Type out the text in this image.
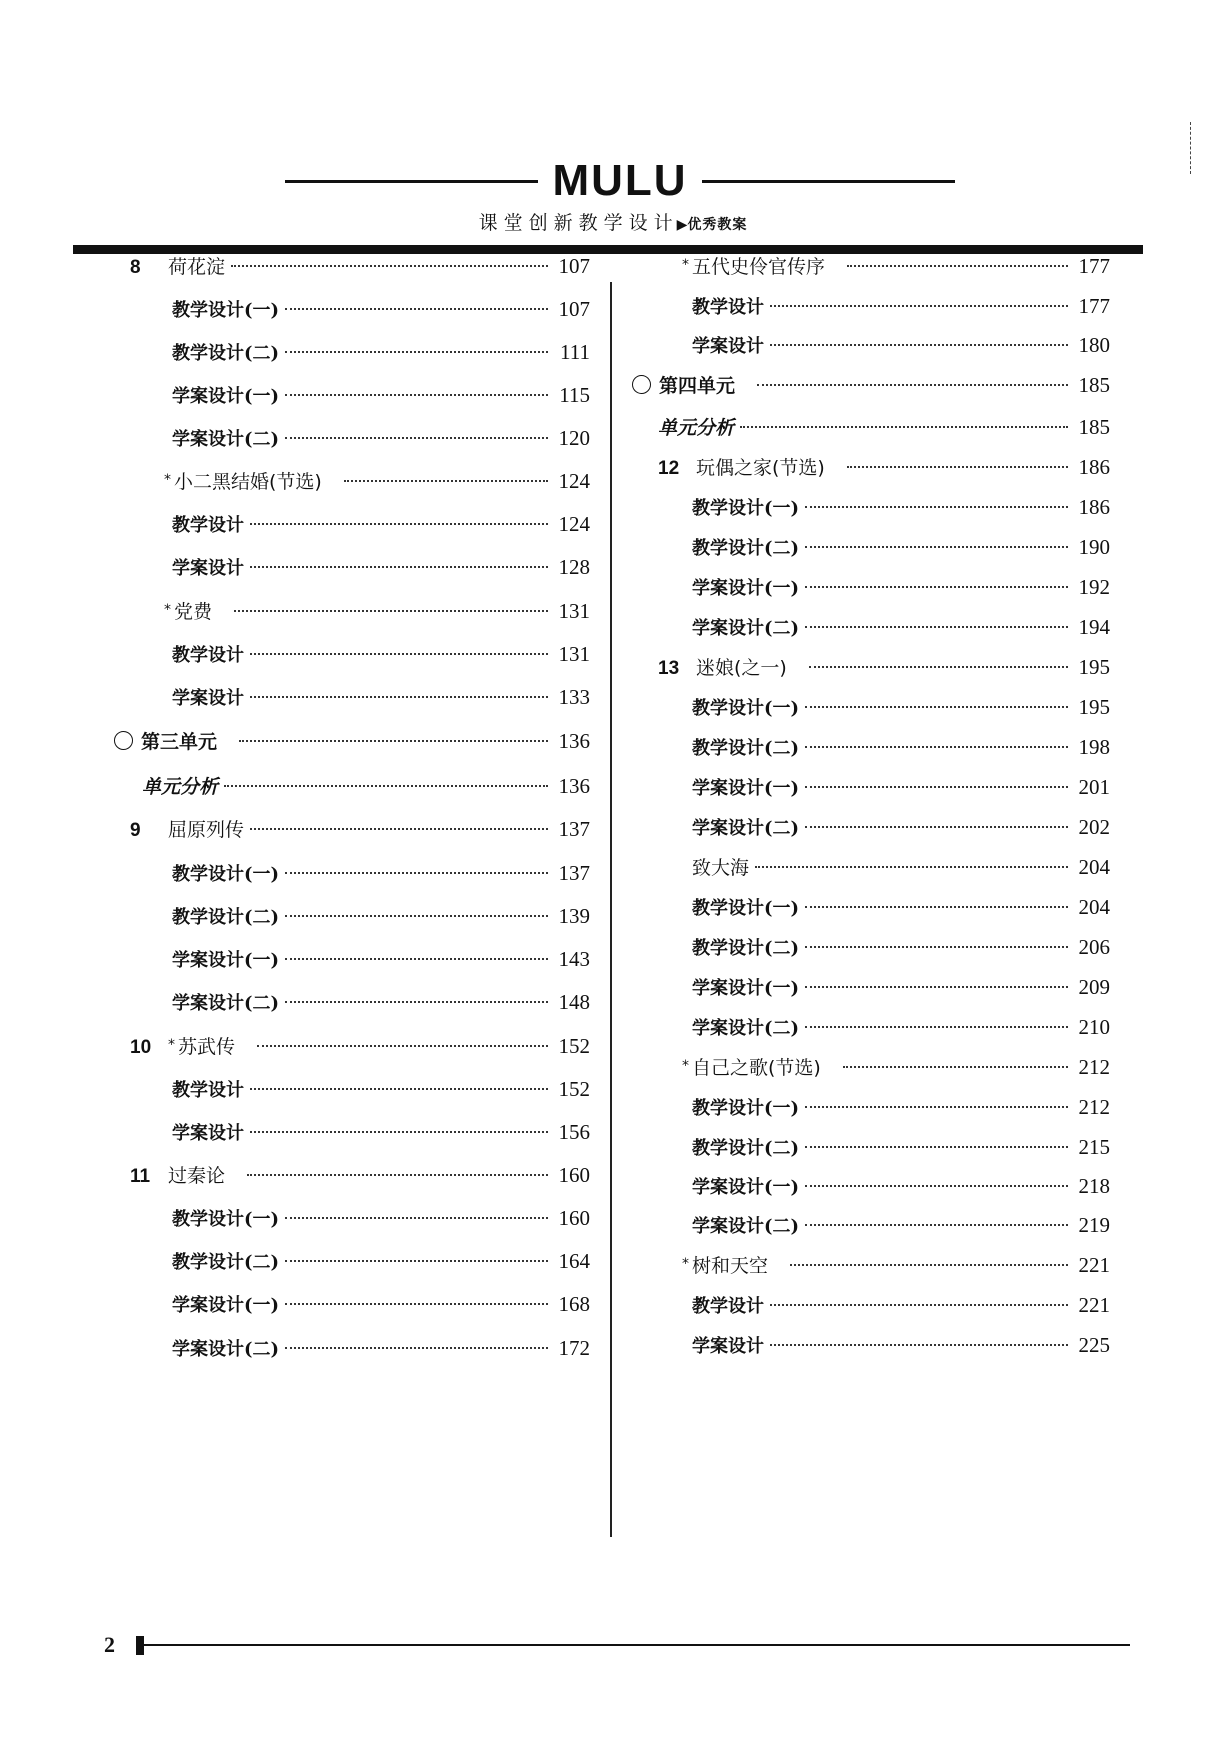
MULU
课堂创新教学设计▶优秀教案
8	荷花淀	107
教学设计(一)	107
教学设计(二)	111
学案设计(一)	115
学案设计(二)	120
* 小二黑结婚(节选)	124
教学设计	124
学案设计	128
* 党费	131
教学设计	131
学案设计	133
第三单元	136
单元分析	136
9	屈原列传	137
教学设计(一)	137
教学设计(二)	139
学案设计(一)	143
学案设计(二)	148
10	* 苏武传	152
教学设计	152
学案设计	156
11 过秦论	160
教学设计(一)	160
教学设计(二)	164
学案设计(一)	168
学案设计(二)	172
* 五代史伶官传序	177
教学设计	177
学案设计	180
第四单元	185
单元分析	185
12 玩偶之家(节选)	186
教学设计(一)	186
教学设计(二)	190
学案设计(一)	192
学案设计(二)	194
13 迷娘(之一)	195
教学设计(一)	195
教学设计(二)	198
学案设计(一)	201
学案设计(二)	202
致大海	204
教学设计(一)	204
教学设计(二)	206
学案设计(一)	209
学案设计(二)	210
* 自己之歌(节选)	212
教学设计(一)	212
教学设计(二)	215
学案设计(一)	218
学案设计(二)	219
* 树和天空	221
教学设计	221
学案设计	225
2
